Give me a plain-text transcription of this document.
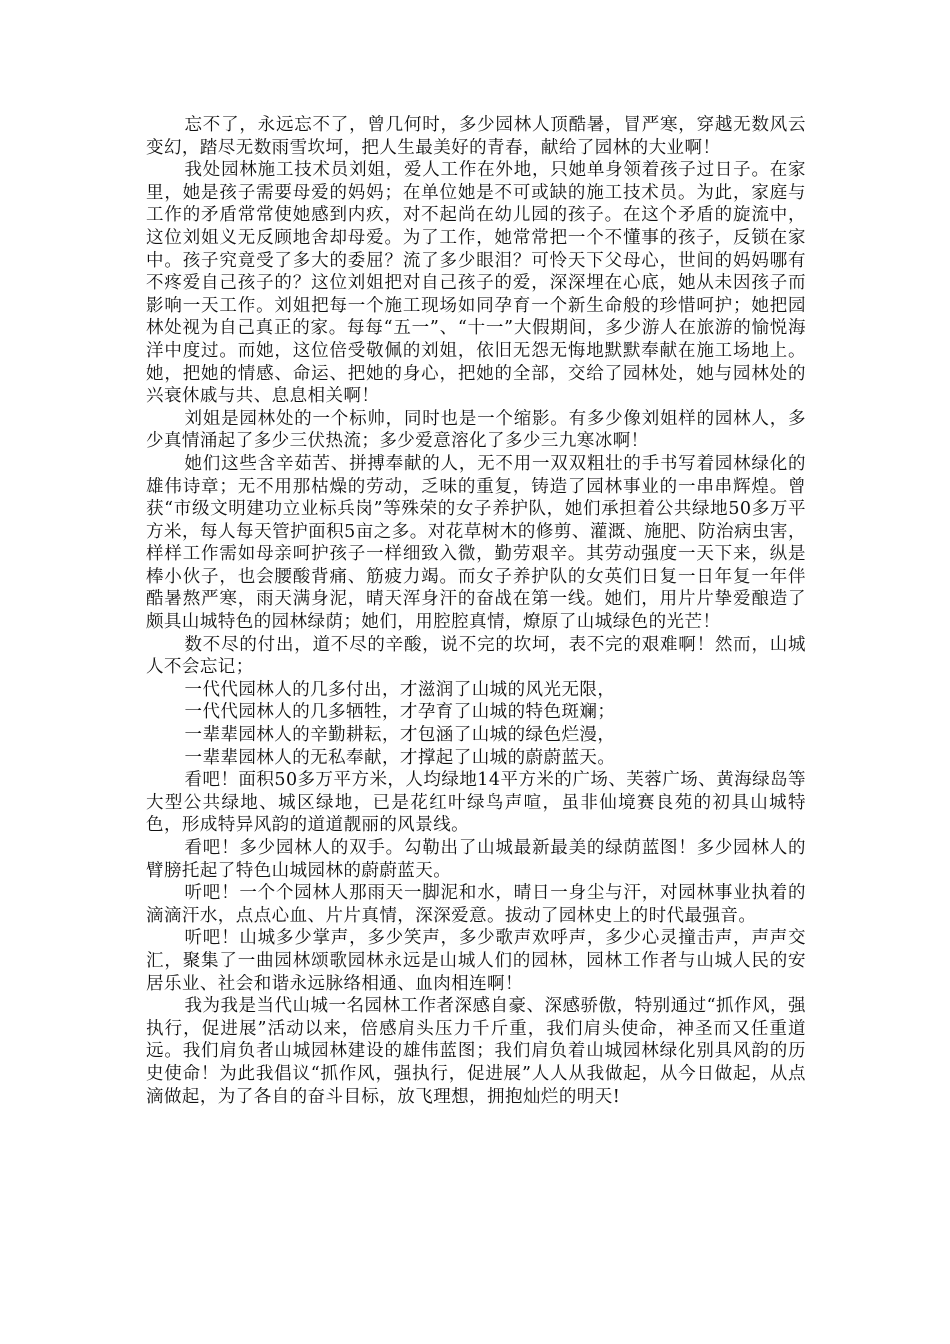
忘不了，永远忘不了，曾几何时，多少园林人顶酷暑，冒严寒，穿越无数风云变幻，踏尽无数雨雪坎坷，把人生最美好的青春，献给了园林的大业啊！

我处园林施工技术员刘姐，爱人工作在外地，只她单身领着孩子过日子。在家里，她是孩子需要母爱的妈妈；在单位她是不可或缺的施工技术员。为此，家庭与工作的矛盾常常使她感到内疚，对不起尚在幼儿园的孩子。在这个矛盾的旋流中，这位刘姐义无反顾地舍却母爱。为了工作，她常常把一个不懂事的孩子，反锁在家中。孩子究竟受了多大的委屈？流了多少眼泪？可怜天下父母心，世间的妈妈哪有不疼爱自己孩子的？这位刘姐把对自己孩子的爱，深深埋在心底，她从未因孩子而影响一天工作。刘姐把每一个施工现场如同孕育一个新生命般的珍惜呵护；她把园林处视为自己真正的家。每每“五一”、“十一”大假期间，多少游人在旅游的愉悦海洋中度过。而她，这位倍受敬佩的刘姐，依旧无怨无悔地默默奉献在施工场地上。她，把她的情感、命运、把她的身心，把她的全部，交给了园林处，她与园林处的兴衰休戚与共、息息相关啊！

刘姐是园林处的一个标帅，同时也是一个缩影。有多少像刘姐样的园林人，多少真情涌起了多少三伏热流；多少爱意溶化了多少三九寒冰啊！

她们这些含辛茹苦、拼搏奉献的人，无不用一双双粗壮的手书写着园林绿化的雄伟诗章；无不用那枯燥的劳动，乏味的重复，铸造了园林事业的一串串辉煌。曾获“市级文明建功立业标兵岗”等殊荣的女子养护队，她们承担着公共绿地50多万平方米，每人每天管护面积5亩之多。对花草树木的修剪、灌溉、施肥、防治病虫害，样样工作需如母亲呵护孩子一样细致入微，勤劳艰辛。其劳动强度一天下来，纵是棒小伙子，也会腰酸背痛、筋疲力竭。而女子养护队的女英们日复一日年复一年伴酷暑熬严寒，雨天满身泥，晴天浑身汗的奋战在第一线。她们，用片片挚爱酿造了颇具山城特色的园林绿荫；她们，用腔腔真情，燎原了山城绿色的光芒！

数不尽的付出，道不尽的辛酸，说不完的坎坷，表不完的艰难啊！然而，山城人不会忘记；

一代代园林人的几多付出，才滋润了山城的风光无限，

一代代园林人的几多牺牲，才孕育了山城的特色斑斓；

一辈辈园林人的辛勤耕耘，才包涵了山城的绿色烂漫，

一辈辈园林人的无私奉献，才撑起了山城的蔚蔚蓝天。

看吧！面积50多万平方米，人均绿地14平方米的广场、芙蓉广场、黄海绿岛等大型公共绿地、城区绿地，已是花红叶绿鸟声喧，虽非仙境赛良苑的初具山城特色，形成特异风韵的道道靓丽的风景线。

看吧！多少园林人的双手。勾勒出了山城最新最美的绿荫蓝图！多少园林人的臂膀托起了特色山城园林的蔚蔚蓝天。

听吧！一个个园林人那雨天一脚泥和水，晴日一身尘与汗，对园林事业执着的滴滴汗水，点点心血、片片真情，深深爱意。拔动了园林史上的时代最强音。

听吧！山城多少掌声，多少笑声，多少歌声欢呼声，多少心灵撞击声，声声交汇，聚集了一曲园林颂歌园林永远是山城人们的园林，园林工作者与山城人民的安居乐业、社会和谐永远脉络相通、血肉相连啊！

我为我是当代山城一名园林工作者深感自豪、深感骄傲，特别通过“抓作风，强执行，促进展”活动以来，倍感肩头压力千斤重，我们肩头使命，神圣而又任重道远。我们肩负者山城园林建设的雄伟蓝图；我们肩负着山城园林绿化别具风韵的历史使命！为此我倡议“抓作风，强执行，促进展”人人从我做起，从今日做起，从点滴做起，为了各自的奋斗目标，放飞理想，拥抱灿烂的明天!
